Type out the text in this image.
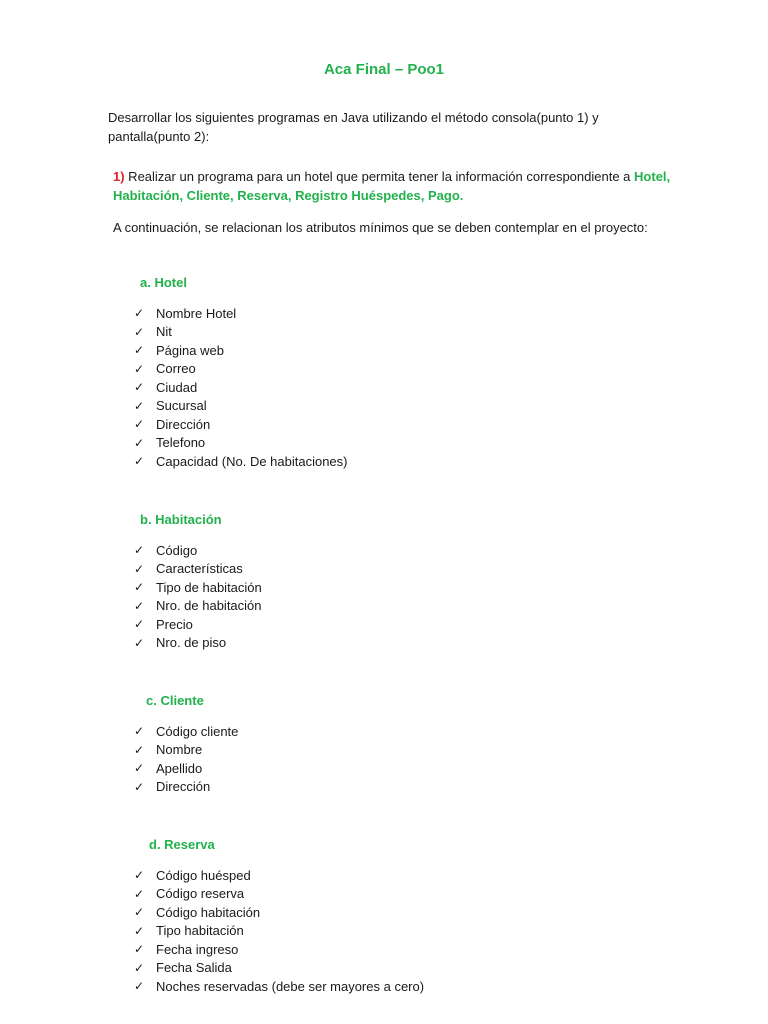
Aca Final – Poo1
Desarrollar los siguientes programas en Java utilizando el método consola(punto 1) y pantalla(punto 2):
1) Realizar un programa para un hotel que permita tener la información correspondiente a Hotel, Habitación, Cliente, Reserva, Registro Huéspedes, Pago.
A continuación, se relacionan los atributos mínimos que se deben contemplar en el proyecto:
a. Hotel
✓ Nombre Hotel
✓ Nit
✓ Página web
✓ Correo
✓ Ciudad
✓ Sucursal
✓ Dirección
✓ Telefono
✓ Capacidad (No. De habitaciones)
b. Habitación
✓ Código
✓ Características
✓ Tipo de habitación
✓ Nro. de habitación
✓ Precio
✓ Nro. de piso
c. Cliente
✓ Código cliente
✓ Nombre
✓ Apellido
✓ Dirección
d. Reserva
✓ Código huésped
✓ Código reserva
✓ Código habitación
✓ Tipo habitación
✓ Fecha ingreso
✓ Fecha Salida
✓ Noches reservadas (debe ser mayores a cero)
